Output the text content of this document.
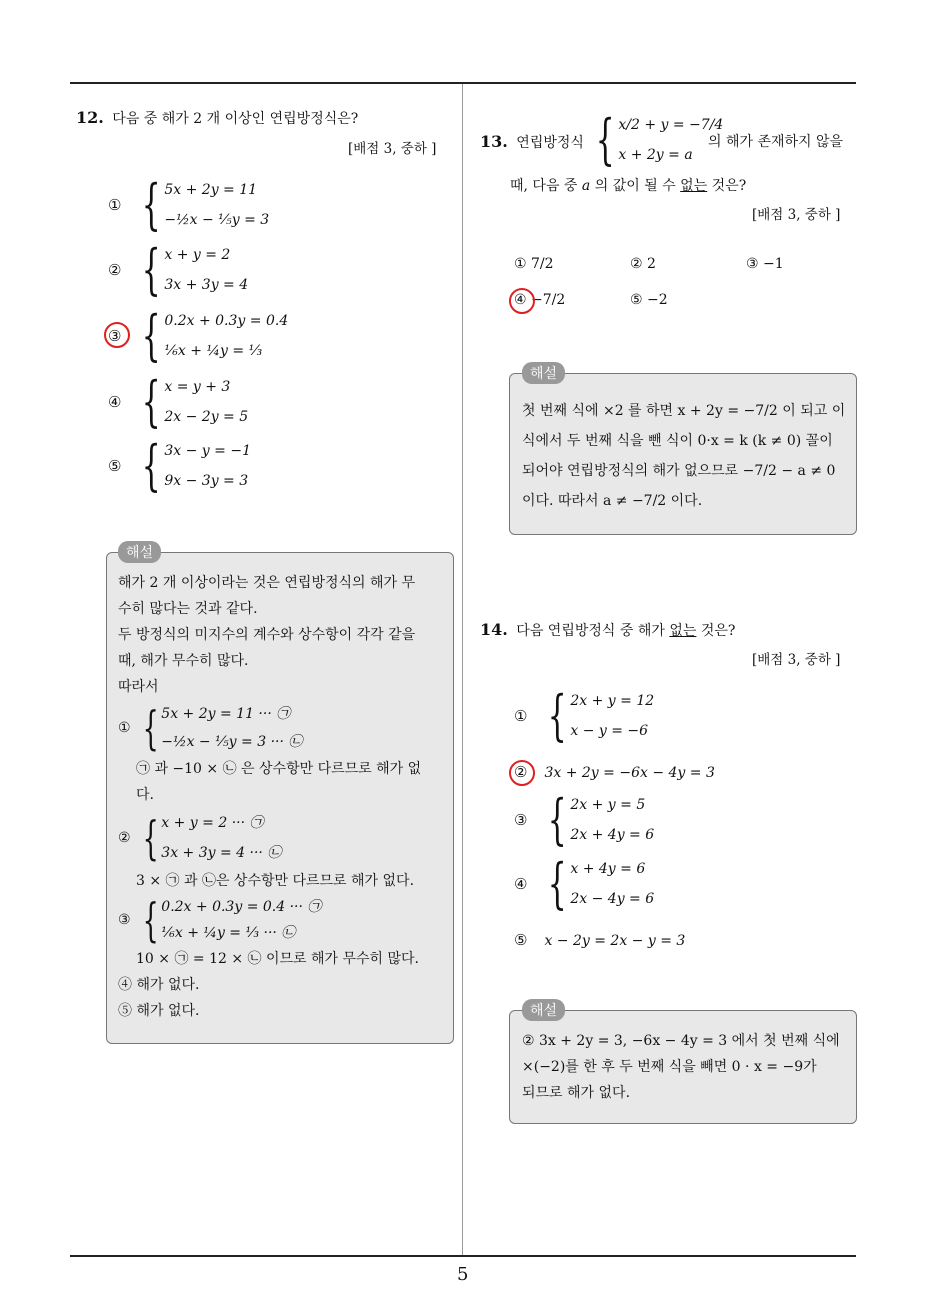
12. 다음 중 해가 2 개 이상인 연립방정식은?
[배점 3, 중하 ]
① { 5x + 2y = 11
−½x − ⅕y = 3
② { x + y = 2
3x + 3y = 4
③ { 0.2x + 0.3y = 0.4
⅙x + ¼y = ⅓
④ { x = y + 3
2x − 2y = 5
⑤ { 3x − y = −1
9x − 3y = 3
해설
해가 2 개 이상이라는 것은 연립방정식의 해가 무
수히 많다는 것과 같다.
두 방정식의 미지수의 계수와 상수항이 각각 같을
때, 해가 무수히 많다.
따라서
① { 5x + 2y = 11 ··· ㉠
−½x − ⅕y = 3 ··· ㉡
㉠ 과 −10 × ㉡ 은 상수항만 다르므로 해가 없
다.
② { x + y = 2 ··· ㉠
3x + 3y = 4 ··· ㉡
3 × ㉠ 과 ㉡은 상수항만 다르므로 해가 없다.
③ { 0.2x + 0.3y = 0.4 ··· ㉠
⅙x + ¼y = ⅓ ··· ㉡
10 × ㉠ = 12 × ㉡ 이므로 해가 무수히 많다.
④ 해가 없다.
⑤ 해가 없다.
13. 연립방정식 { x/2 + y = −7/4
x + 2y = a
의 해가 존재하지 않을
때, 다음 중 a 의 값이 될 수 없는 것은?
[배점 3, 중하 ]
① 7/2	② 2	③ −1
④ −7/2	⑤ −2
해설
첫 번째 식에 ×2 를 하면 x + 2y = −7/2 이 되고 이
식에서 두 번째 식을 뺀 식이 0·x = k (k ≠ 0) 꼴이
되어야 연립방정식의 해가 없으므로 −7/2 − a ≠ 0
이다. 따라서 a ≠ −7/2 이다.
14. 다음 연립방정식 중 해가 없는 것은?
[배점 3, 중하 ]
① { 2x + y = 12
x − y = −6
② 3x + 2y = −6x − 4y = 3
③ { 2x + y = 5
2x + 4y = 6
④ { x + 4y = 6
2x − 4y = 6
⑤ x − 2y = 2x − y = 3
해설
② 3x + 2y = 3, −6x − 4y = 3 에서 첫 번째 식에
×(−2)를 한 후 두 번째 식을 빼면 0 · x = −9가
되므로 해가 없다.
5
